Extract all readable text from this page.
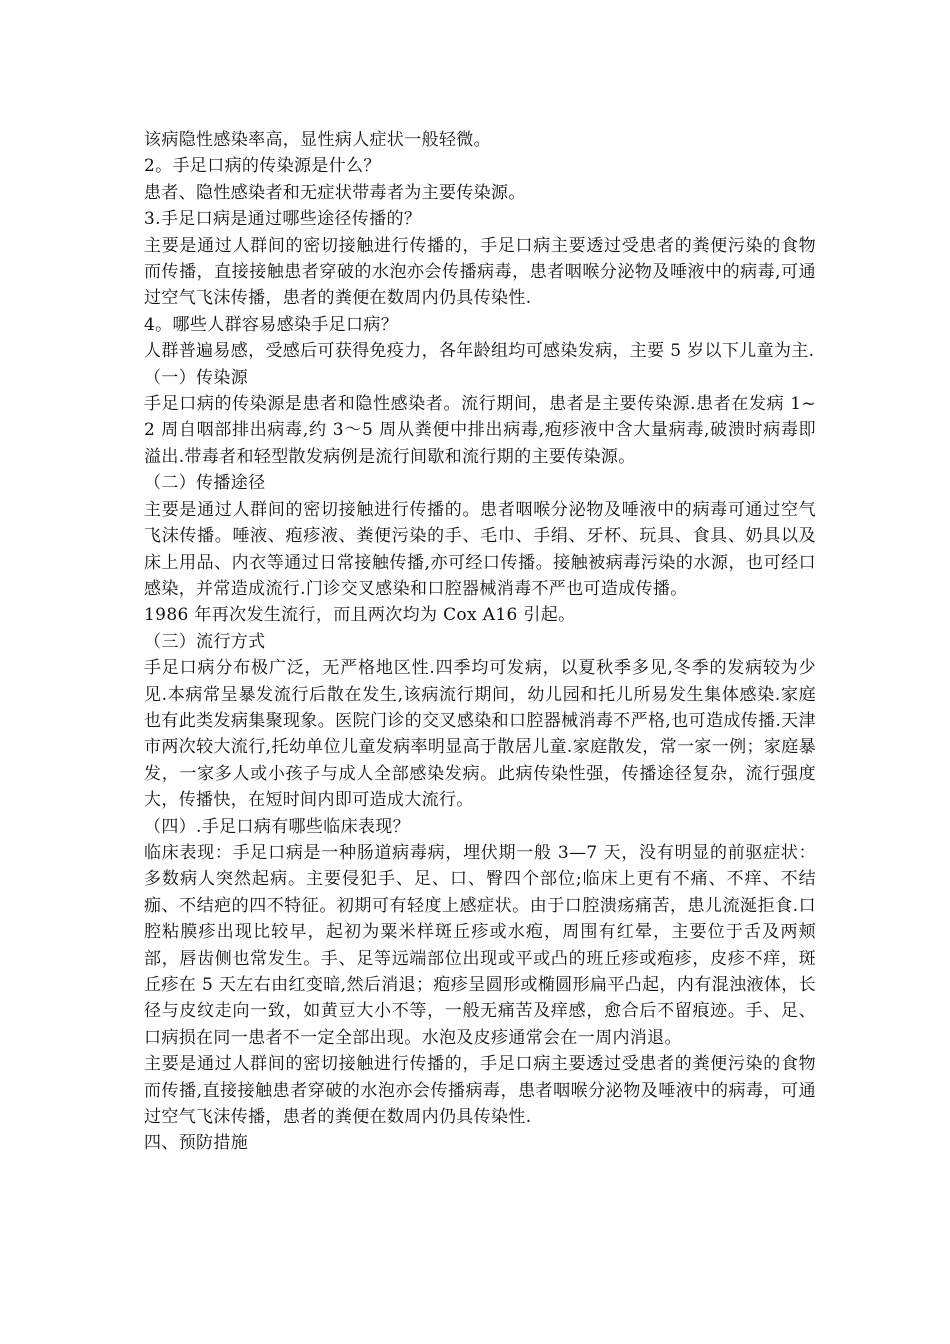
该病隐性感染率高，显性病人症状一般轻微。

2。手足口病的传染源是什么？

患者、隐性感染者和无症状带毒者为主要传染源。

3.手足口病是通过哪些途径传播的？

主要是通过人群间的密切接触进行传播的，手足口病主要透过受患者的粪便污染的食物而传播，直接接触患者穿破的水泡亦会传播病毒，患者咽喉分泌物及唾液中的病毒,可通过空气飞沫传播，患者的粪便在数周内仍具传染性.

4。哪些人群容易感染手足口病？

人群普遍易感，受感后可获得免疫力，各年龄组均可感染发病，主要 5 岁以下儿童为主.

（一）传染源

手足口病的传染源是患者和隐性感染者。流行期间，患者是主要传染源.患者在发病 1~2 周自咽部排出病毒,约 3～5 周从粪便中排出病毒,疱疹液中含大量病毒,破溃时病毒即溢出.带毒者和轻型散发病例是流行间歇和流行期的主要传染源。

（二）传播途径

主要是通过人群间的密切接触进行传播的。患者咽喉分泌物及唾液中的病毒可通过空气飞沫传播。唾液、疱疹液、粪便污染的手、毛巾、手绢、牙杯、玩具、食具、奶具以及床上用品、内衣等通过日常接触传播,亦可经口传播。接触被病毒污染的水源，也可经口感染，并常造成流行.门诊交叉感染和口腔器械消毒不严也可造成传播。

1986 年再次发生流行，而且两次均为 Cox A16 引起。

（三）流行方式

手足口病分布极广泛，无严格地区性.四季均可发病，以夏秋季多见,冬季的发病较为少见.本病常呈暴发流行后散在发生,该病流行期间，幼儿园和托儿所易发生集体感染.家庭也有此类发病集聚现象。医院门诊的交叉感染和口腔器械消毒不严格,也可造成传播.天津市两次较大流行,托幼单位儿童发病率明显高于散居儿童.家庭散发，常一家一例；家庭暴发，一家多人或小孩子与成人全部感染发病。此病传染性强，传播途径复杂，流行强度大，传播快，在短时间内即可造成大流行。

（四）.手足口病有哪些临床表现？

临床表现：手足口病是一种肠道病毒病，埋伏期一般 3—7 天，没有明显的前驱症状：多数病人突然起病。主要侵犯手、足、口、臀四个部位;临床上更有不痛、不痒、不结痂、不结疤的四不特征。初期可有轻度上感症状。由于口腔溃疡痛苦，患儿流涎拒食.口腔粘膜疹出现比较早，起初为粟米样斑丘疹或水疱，周围有红晕，主要位于舌及两颊部，唇齿侧也常发生。手、足等远端部位出现或平或凸的班丘疹或疱疹，皮疹不痒，斑丘疹在 5 天左右由红变暗,然后消退；疱疹呈圆形或椭圆形扁平凸起，内有混浊液体，长径与皮纹走向一致，如黄豆大小不等，一般无痛苦及痒感，愈合后不留痕迹。手、足、口病损在同一患者不一定全部出现。水泡及皮疹通常会在一周内消退。

主要是通过人群间的密切接触进行传播的，手足口病主要透过受患者的粪便污染的食物而传播,直接接触患者穿破的水泡亦会传播病毒，患者咽喉分泌物及唾液中的病毒，可通过空气飞沫传播，患者的粪便在数周内仍具传染性.

四、预防措施
